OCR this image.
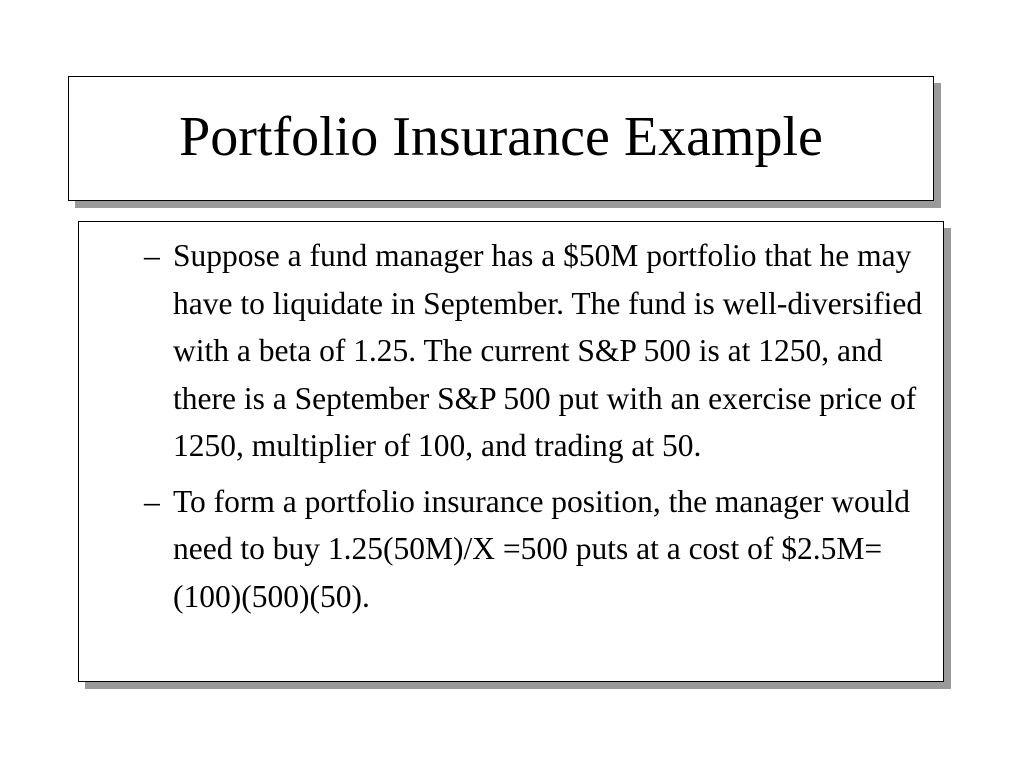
Portfolio Insurance Example
– Suppose a fund manager has a $50M portfolio that he may have to liquidate in September. The fund is well-diversified with a beta of 1.25. The current S&P 500 is at 1250, and there is a September S&P 500 put with an exercise price of 1250, multiplier of 100, and trading at 50.
– To form a portfolio insurance position, the manager would need to buy 1.25(50M)/X =500 puts at a cost of $2.5M= (100)(500)(50).
